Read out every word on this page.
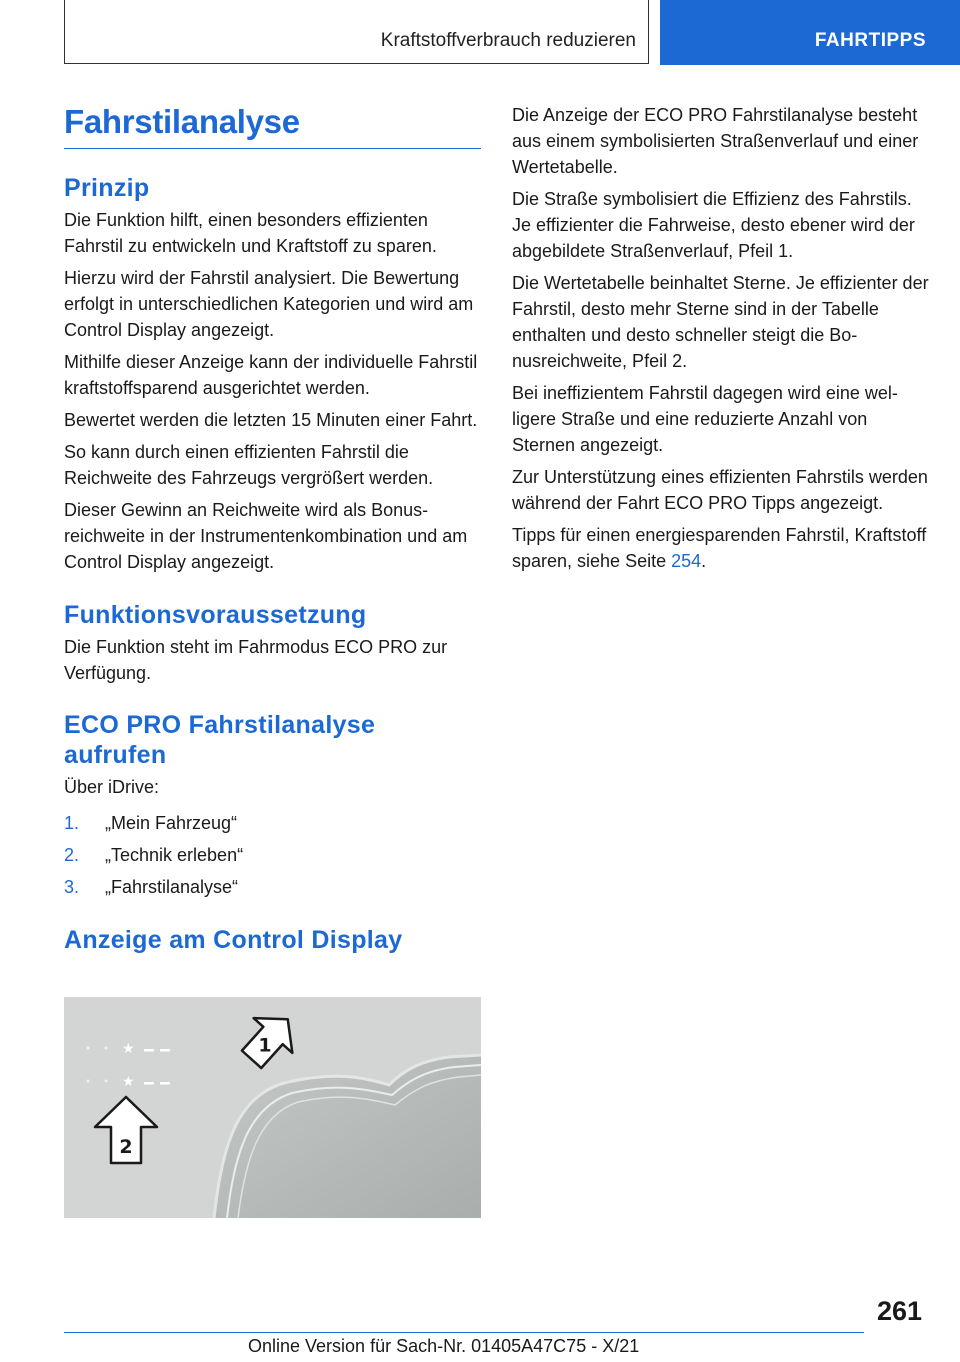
Kraftstoffverbrauch reduzieren	FAHRTIPPS
Fahrstilanalyse
Prinzip

Die Funktion hilft, einen besonders effizienten Fahrstil zu entwickeln und Kraftstoff zu sparen.

Hierzu wird der Fahrstil analysiert. Die Bewertung erfolgt in unterschiedlichen Kategorien und wird am Control Display angezeigt.

Mithilfe dieser Anzeige kann der individuelle Fahrstil kraftstoffsparend ausgerichtet werden.

Bewertet werden die letzten 15 Minuten einer Fahrt.

So kann durch einen effizienten Fahrstil die Reichweite des Fahrzeugs vergrößert werden.

Dieser Gewinn an Reichweite wird als Bonusreichweite in der Instrumentenkombination und am Control Display angezeigt.

Funktionsvoraussetzung

Die Funktion steht im Fahrmodus ECO PRO zur Verfügung.

ECO PRO Fahrstilanalyse aufrufen

Über iDrive:

1. „Mein Fahrzeug“
2. „Technik erleben“
3. „Fahrstilanalyse“
Anzeige am Control Display
★
★
1
2

Die Anzeige der ECO PRO Fahrstilanalyse besteht aus einem symbolisierten Straßenverlauf und einer Wertetabelle.

Die Straße symbolisiert die Effizienz des Fahrstils. Je effizienter die Fahrweise, desto ebener wird der abgebildete Straßenverlauf, Pfeil 1.

Die Wertetabelle beinhaltet Sterne. Je effizienter der Fahrstil, desto mehr Sterne sind in der Tabelle enthalten und desto schneller steigt die Bonusreichweite, Pfeil 2.

Bei ineffizientem Fahrstil dagegen wird eine welligere Straße und eine reduzierte Anzahl von Sternen angezeigt.

Zur Unterstützung eines effizienten Fahrstils werden während der Fahrt ECO PRO Tipps angezeigt.

Tipps für einen energiesparenden Fahrstil, Kraftstoff sparen, siehe Seite 254.

261
Online Version für Sach-Nr. 01405A47C75 - X/21
